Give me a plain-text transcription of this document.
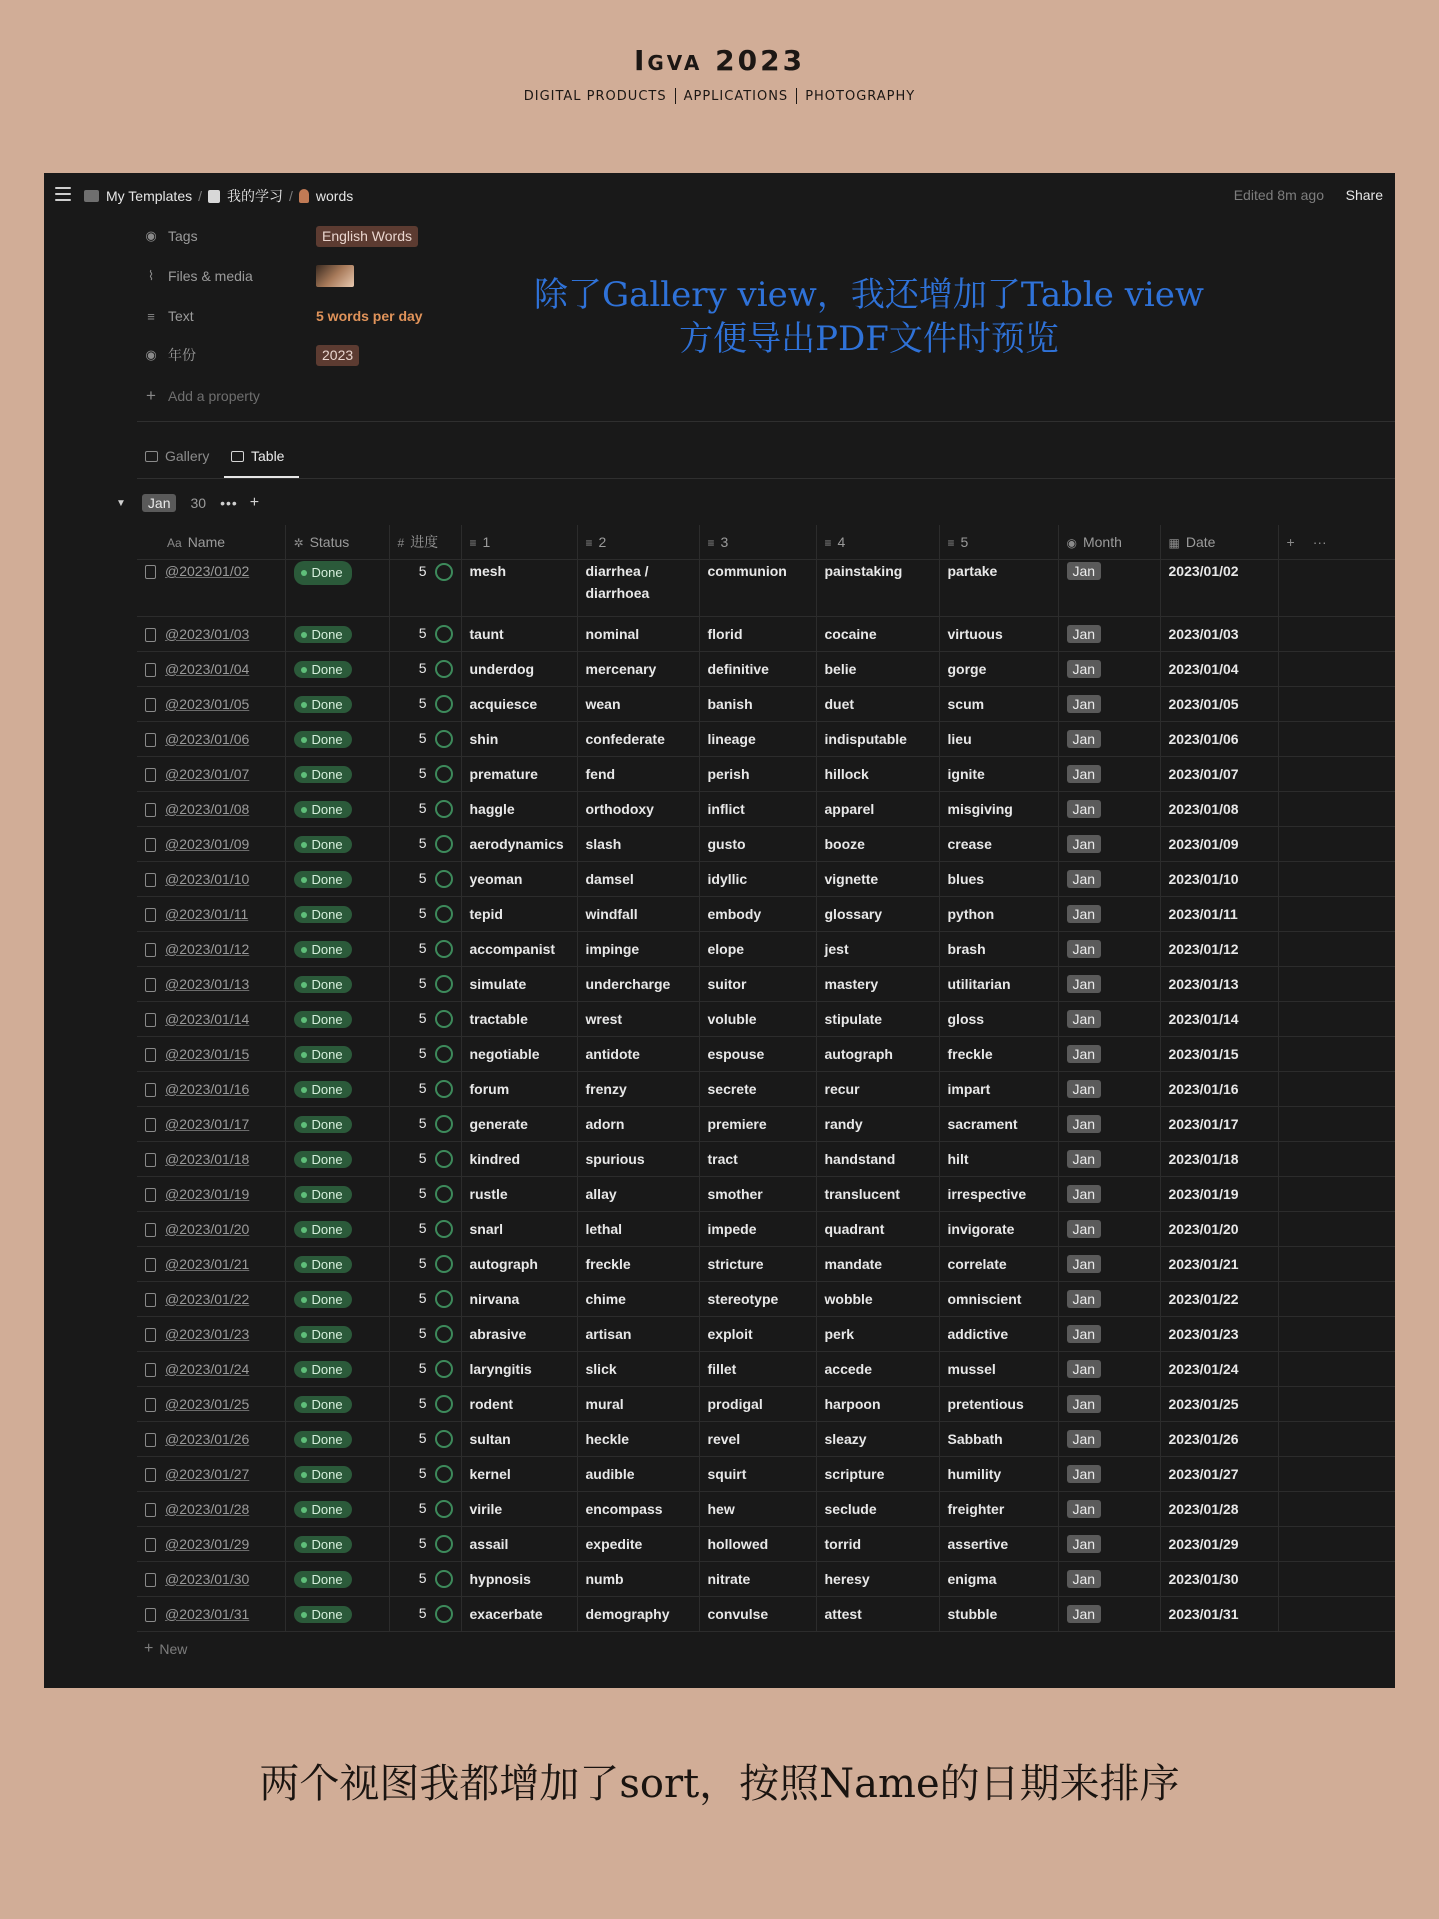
Igva 2023
DIGITAL PRODUCTS APPLICATIONS PHOTOGRAPHY
My Templates / 我的学习 / words	Edited 8m ago Share
◉ Tags	English Words
⌇ Files & media
≡ Text	5 words per day
◉ 年份	2023
+ Add a property
除了Gallery view，我还增加了Table view
方便导出PDF文件时预览
Gallery	Table
▼	Jan	30 ••• +
Aa Name	✲ Status	# 进度	≡ 1	≡ 2	≡ 3	≡ 4	≡ 5	◉ Month	▦ Date	+ ···
@2023/01/02	Done	5	mesh	diarrhea / diarrhoea	communion	painstaking	partake	Jan	2023/01/02	
@2023/01/03	Done	5	taunt	nominal	florid	cocaine	virtuous	Jan	2023/01/03	
@2023/01/04	Done	5	underdog	mercenary	definitive	belie	gorge	Jan	2023/01/04	
@2023/01/05	Done	5	acquiesce	wean	banish	duet	scum	Jan	2023/01/05	
@2023/01/06	Done	5	shin	confederate	lineage	indisputable	lieu	Jan	2023/01/06	
@2023/01/07	Done	5	premature	fend	perish	hillock	ignite	Jan	2023/01/07	
@2023/01/08	Done	5	haggle	orthodoxy	inflict	apparel	misgiving	Jan	2023/01/08	
@2023/01/09	Done	5	aerodynamics	slash	gusto	booze	crease	Jan	2023/01/09	
@2023/01/10	Done	5	yeoman	damsel	idyllic	vignette	blues	Jan	2023/01/10	
@2023/01/11	Done	5	tepid	windfall	embody	glossary	python	Jan	2023/01/11	
@2023/01/12	Done	5	accompanist	impinge	elope	jest	brash	Jan	2023/01/12	
@2023/01/13	Done	5	simulate	undercharge	suitor	mastery	utilitarian	Jan	2023/01/13	
@2023/01/14	Done	5	tractable	wrest	voluble	stipulate	gloss	Jan	2023/01/14	
@2023/01/15	Done	5	negotiable	antidote	espouse	autograph	freckle	Jan	2023/01/15	
@2023/01/16	Done	5	forum	frenzy	secrete	recur	impart	Jan	2023/01/16	
@2023/01/17	Done	5	generate	adorn	premiere	randy	sacrament	Jan	2023/01/17	
@2023/01/18	Done	5	kindred	spurious	tract	handstand	hilt	Jan	2023/01/18	
@2023/01/19	Done	5	rustle	allay	smother	translucent	irrespective	Jan	2023/01/19	
@2023/01/20	Done	5	snarl	lethal	impede	quadrant	invigorate	Jan	2023/01/20	
@2023/01/21	Done	5	autograph	freckle	stricture	mandate	correlate	Jan	2023/01/21	
@2023/01/22	Done	5	nirvana	chime	stereotype	wobble	omniscient	Jan	2023/01/22	
@2023/01/23	Done	5	abrasive	artisan	exploit	perk	addictive	Jan	2023/01/23	
@2023/01/24	Done	5	laryngitis	slick	fillet	accede	mussel	Jan	2023/01/24	
@2023/01/25	Done	5	rodent	mural	prodigal	harpoon	pretentious	Jan	2023/01/25	
@2023/01/26	Done	5	sultan	heckle	revel	sleazy	Sabbath	Jan	2023/01/26	
@2023/01/27	Done	5	kernel	audible	squirt	scripture	humility	Jan	2023/01/27	
@2023/01/28	Done	5	virile	encompass	hew	seclude	freighter	Jan	2023/01/28	
@2023/01/29	Done	5	assail	expedite	hollowed	torrid	assertive	Jan	2023/01/29	
@2023/01/30	Done	5	hypnosis	numb	nitrate	heresy	enigma	Jan	2023/01/30	
@2023/01/31	Done	5	exacerbate	demography	convulse	attest	stubble	Jan	2023/01/31	
+ New
两个视图我都增加了sort，按照Name的日期来排序
